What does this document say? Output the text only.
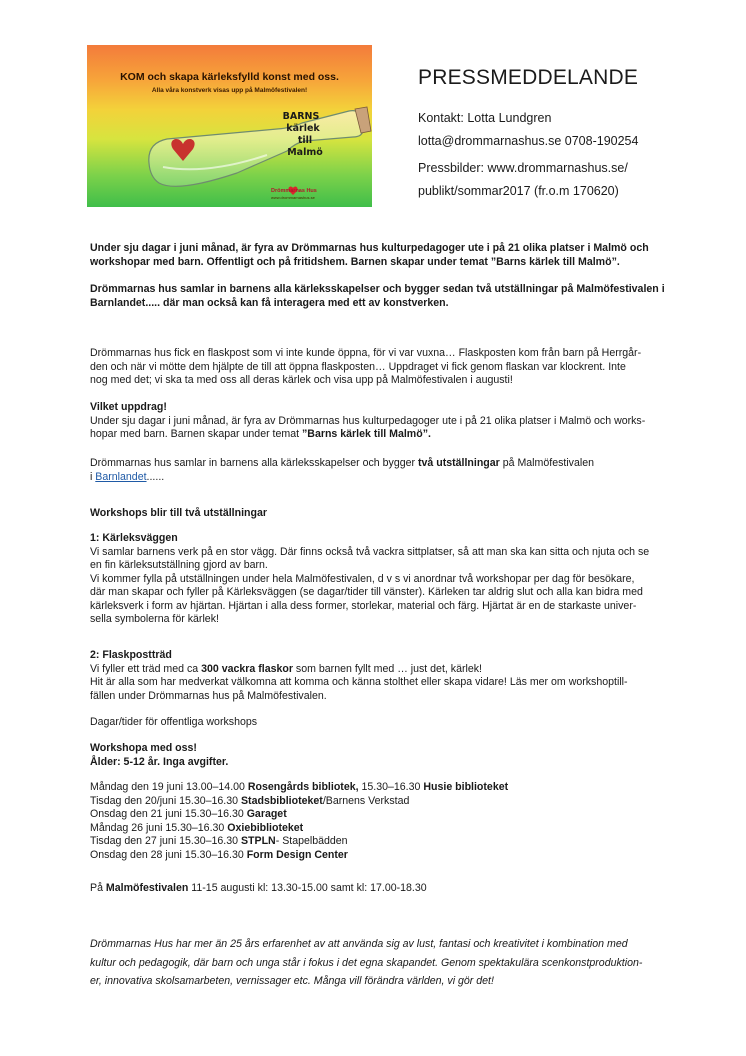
KOM och skapa kärleksfylld konst med oss.
Alla våra konstverk visas upp på Malmöfestivalen!
BARNS
kärlek
till
Malmö
Drömmarnas Hus
www.drommarnashus.se
PRESSMEDDELANDE
Kontakt: Lotta Lundgren
lotta@drommarnashus.se 0708-190254
Pressbilder: www.drommarnashus.se/
publikt/sommar2017 (fr.o.m 170620)
Under sju dagar i juni månad, är fyra av Drömmarnas hus kulturpedagoger ute i på 21 olika platser i Malmö och
workshopar med barn. Offentligt och på fritidshem. Barnen skapar under temat ”Barns kärlek till Malmö”.
Drömmarnas hus samlar in barnens alla kärleksskapelser och bygger sedan två utställningar på Malmöfestivalen i
Barnlandet..... där man också kan få interagera med ett av konstverken.
Drömmarnas hus fick en flaskpost som vi inte kunde öppna, för vi var vuxna… Flaskposten kom från barn på Herrgår-
den och när vi mötte dem hjälpte de till att öppna flaskposten… Uppdraget vi fick genom flaskan var klockrent. Inte
nog med det; vi ska ta med oss all deras kärlek och visa upp på Malmöfestivalen i augusti!
Vilket uppdrag!
Under sju dagar i juni månad, är fyra av Drömmarnas hus kulturpedagoger ute i på 21 olika platser i Malmö och works-
hopar med barn. Barnen skapar under temat ”Barns kärlek till Malmö”.
Drömmarnas hus samlar in barnens alla kärleksskapelser och bygger två utställningar på Malmöfestivalen
i Barnlandet......
Workshops blir till två utställningar
1: Kärleksväggen
Vi samlar barnens verk på en stor vägg. Där finns också två vackra sittplatser, så att man ska kan sitta och njuta och se
en fin kärleksutställning gjord av barn.
Vi kommer fylla på utställningen under hela Malmöfestivalen, d v s vi anordnar två workshopar per dag för besökare,
där man skapar och fyller på Kärleksväggen (se dagar/tider till vänster). Kärleken tar aldrig slut och alla kan bidra med
kärleksverk i form av hjärtan. Hjärtan i alla dess former, storlekar, material och färg. Hjärtat är en de starkaste univer-
sella symbolerna för kärlek!
2: Flaskpostträd
Vi fyller ett träd med ca 300 vackra flaskor som barnen fyllt med … just det, kärlek!
Hit är alla som har medverkat välkomna att komma och känna stolthet eller skapa vidare! Läs mer om workshoptill-
fällen under Drömmarnas hus på Malmöfestivalen.
Dagar/tider för offentliga workshops
Workshopa med oss!
Ålder: 5-12 år. Inga avgifter.
Måndag den 19 juni 13.00–14.00 Rosengårds bibliotek, 15.30–16.30 Husie biblioteket
Tisdag den 20/juni 15.30–16.30 Stadsbiblioteket/Barnens Verkstad
Onsdag den 21 juni 15.30–16.30 Garaget
Måndag 26 juni 15.30–16.30 Oxiebiblioteket
Tisdag den 27 juni 15.30–16.30 STPLN- Stapelbädden
Onsdag den 28 juni 15.30–16.30 Form Design Center
På Malmöfestivalen 11-15 augusti kl: 13.30-15.00 samt kl: 17.00-18.30
Drömmarnas Hus har mer än 25 års erfarenhet av att använda sig av lust, fantasi och kreativitet i kombination med
kultur och pedagogik, där barn och unga står i fokus i det egna skapandet. Genom spektakulära scenkonstproduktion-
er, innovativa skolsamarbeten, vernissager etc. Många vill förändra världen, vi gör det!
